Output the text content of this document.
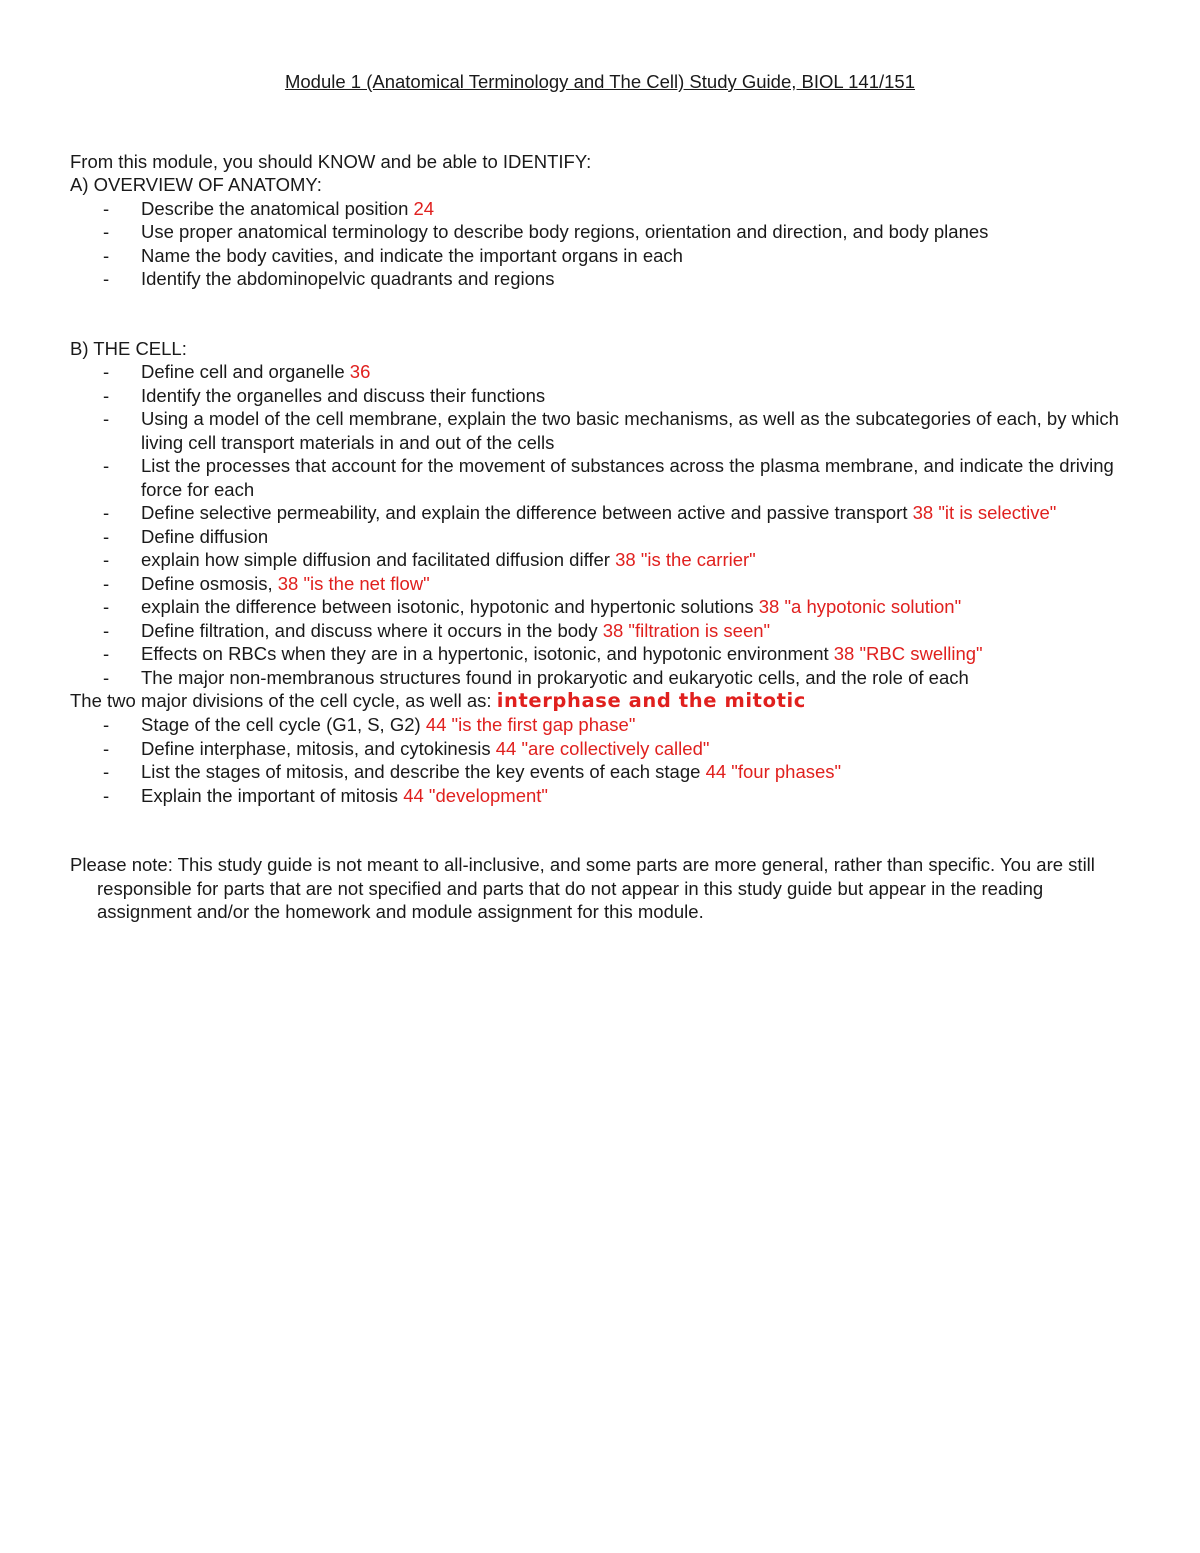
Module 1 (Anatomical Terminology and The Cell) Study Guide, BIOL 141/151

From this module, you should KNOW and be able to IDENTIFY:

A) OVERVIEW OF ANATOMY:

- Describe the anatomical position 24
- Use proper anatomical terminology to describe body regions, orientation and direction, and body planes
- Name the body cavities, and indicate the important organs in each
- Identify the abdominopelvic quadrants and regions

B) THE CELL:

- Define cell and organelle 36
- Identify the organelles and discuss their functions
- Using a model of the cell membrane, explain the two basic mechanisms, as well as the subcategories of each, by which living cell transport materials in and out of the cells
- List the processes that account for the movement of substances across the plasma membrane, and indicate the driving force for each
- Define selective permeability, and explain the difference between active and passive transport 38 "it is selective"
- Define diffusion
- explain how simple diffusion and facilitated diffusion differ 38 "is the carrier"
- Define osmosis, 38 "is the net flow"
- explain the difference between isotonic, hypotonic and hypertonic solutions 38 "a hypotonic solution"
- Define filtration, and discuss where it occurs in the body 38 "filtration is seen"
- Effects on RBCs when they are in a hypertonic, isotonic, and hypotonic environment 38 "RBC swelling"
- The major non-membranous structures found in prokaryotic and eukaryotic cells, and the role of each

The two major divisions of the cell cycle, as well as: interphase and the mitotic

- Stage of the cell cycle (G1, S, G2) 44 "is the first gap phase"
- Define interphase, mitosis, and cytokinesis 44 "are collectively called"
- List the stages of mitosis, and describe the key events of each stage 44 "four phases"
- Explain the important of mitosis 44 "development"

Please note: This study guide is not meant to all-inclusive, and some parts are more general, rather than specific. You are still responsible for parts that are not specified and parts that do not appear in this study guide but appear in the reading assignment and/or the homework and module assignment for this module.
